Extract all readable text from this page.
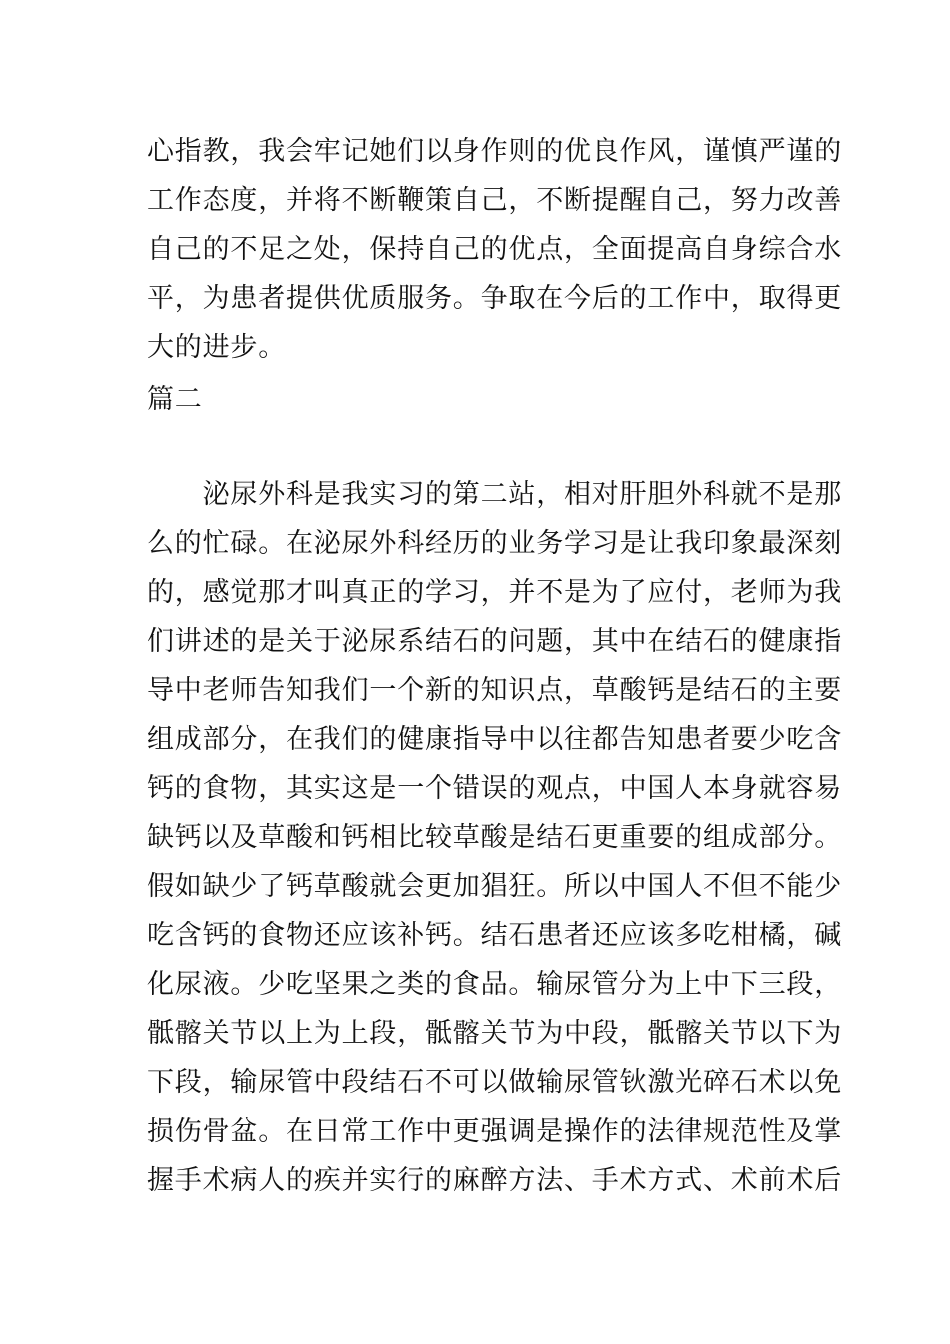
心指教，我会牢记她们以身作则的优良作风，谨慎严谨的
工作态度，并将不断鞭策自己，不断提醒自己，努力改善
自己的不足之处，保持自己的优点，全面提高自身综合水
平，为患者提供优质服务。争取在今后的工作中，取得更
大的进步。
篇二
　　泌尿外科是我实习的第二站，相对肝胆外科就不是那
么的忙碌。在泌尿外科经历的业务学习是让我印象最深刻
的，感觉那才叫真正的学习，并不是为了应付，老师为我
们讲述的是关于泌尿系结石的问题，其中在结石的健康指
导中老师告知我们一个新的知识点，草酸钙是结石的主要
组成部分，在我们的健康指导中以往都告知患者要少吃含
钙的食物，其实这是一个错误的观点，中国人本身就容易
缺钙以及草酸和钙相比较草酸是结石更重要的组成部分。
假如缺少了钙草酸就会更加猖狂。所以中国人不但不能少
吃含钙的食物还应该补钙。结石患者还应该多吃柑橘，碱
化尿液。少吃坚果之类的食品。输尿管分为上中下三段，
骶髂关节以上为上段，骶髂关节为中段，骶髂关节以下为
下段，输尿管中段结石不可以做输尿管钬激光碎石术以免
损伤骨盆。在日常工作中更强调是操作的法律规范性及掌
握手术病人的疾并实行的麻醉方法、手术方式、术前术后
